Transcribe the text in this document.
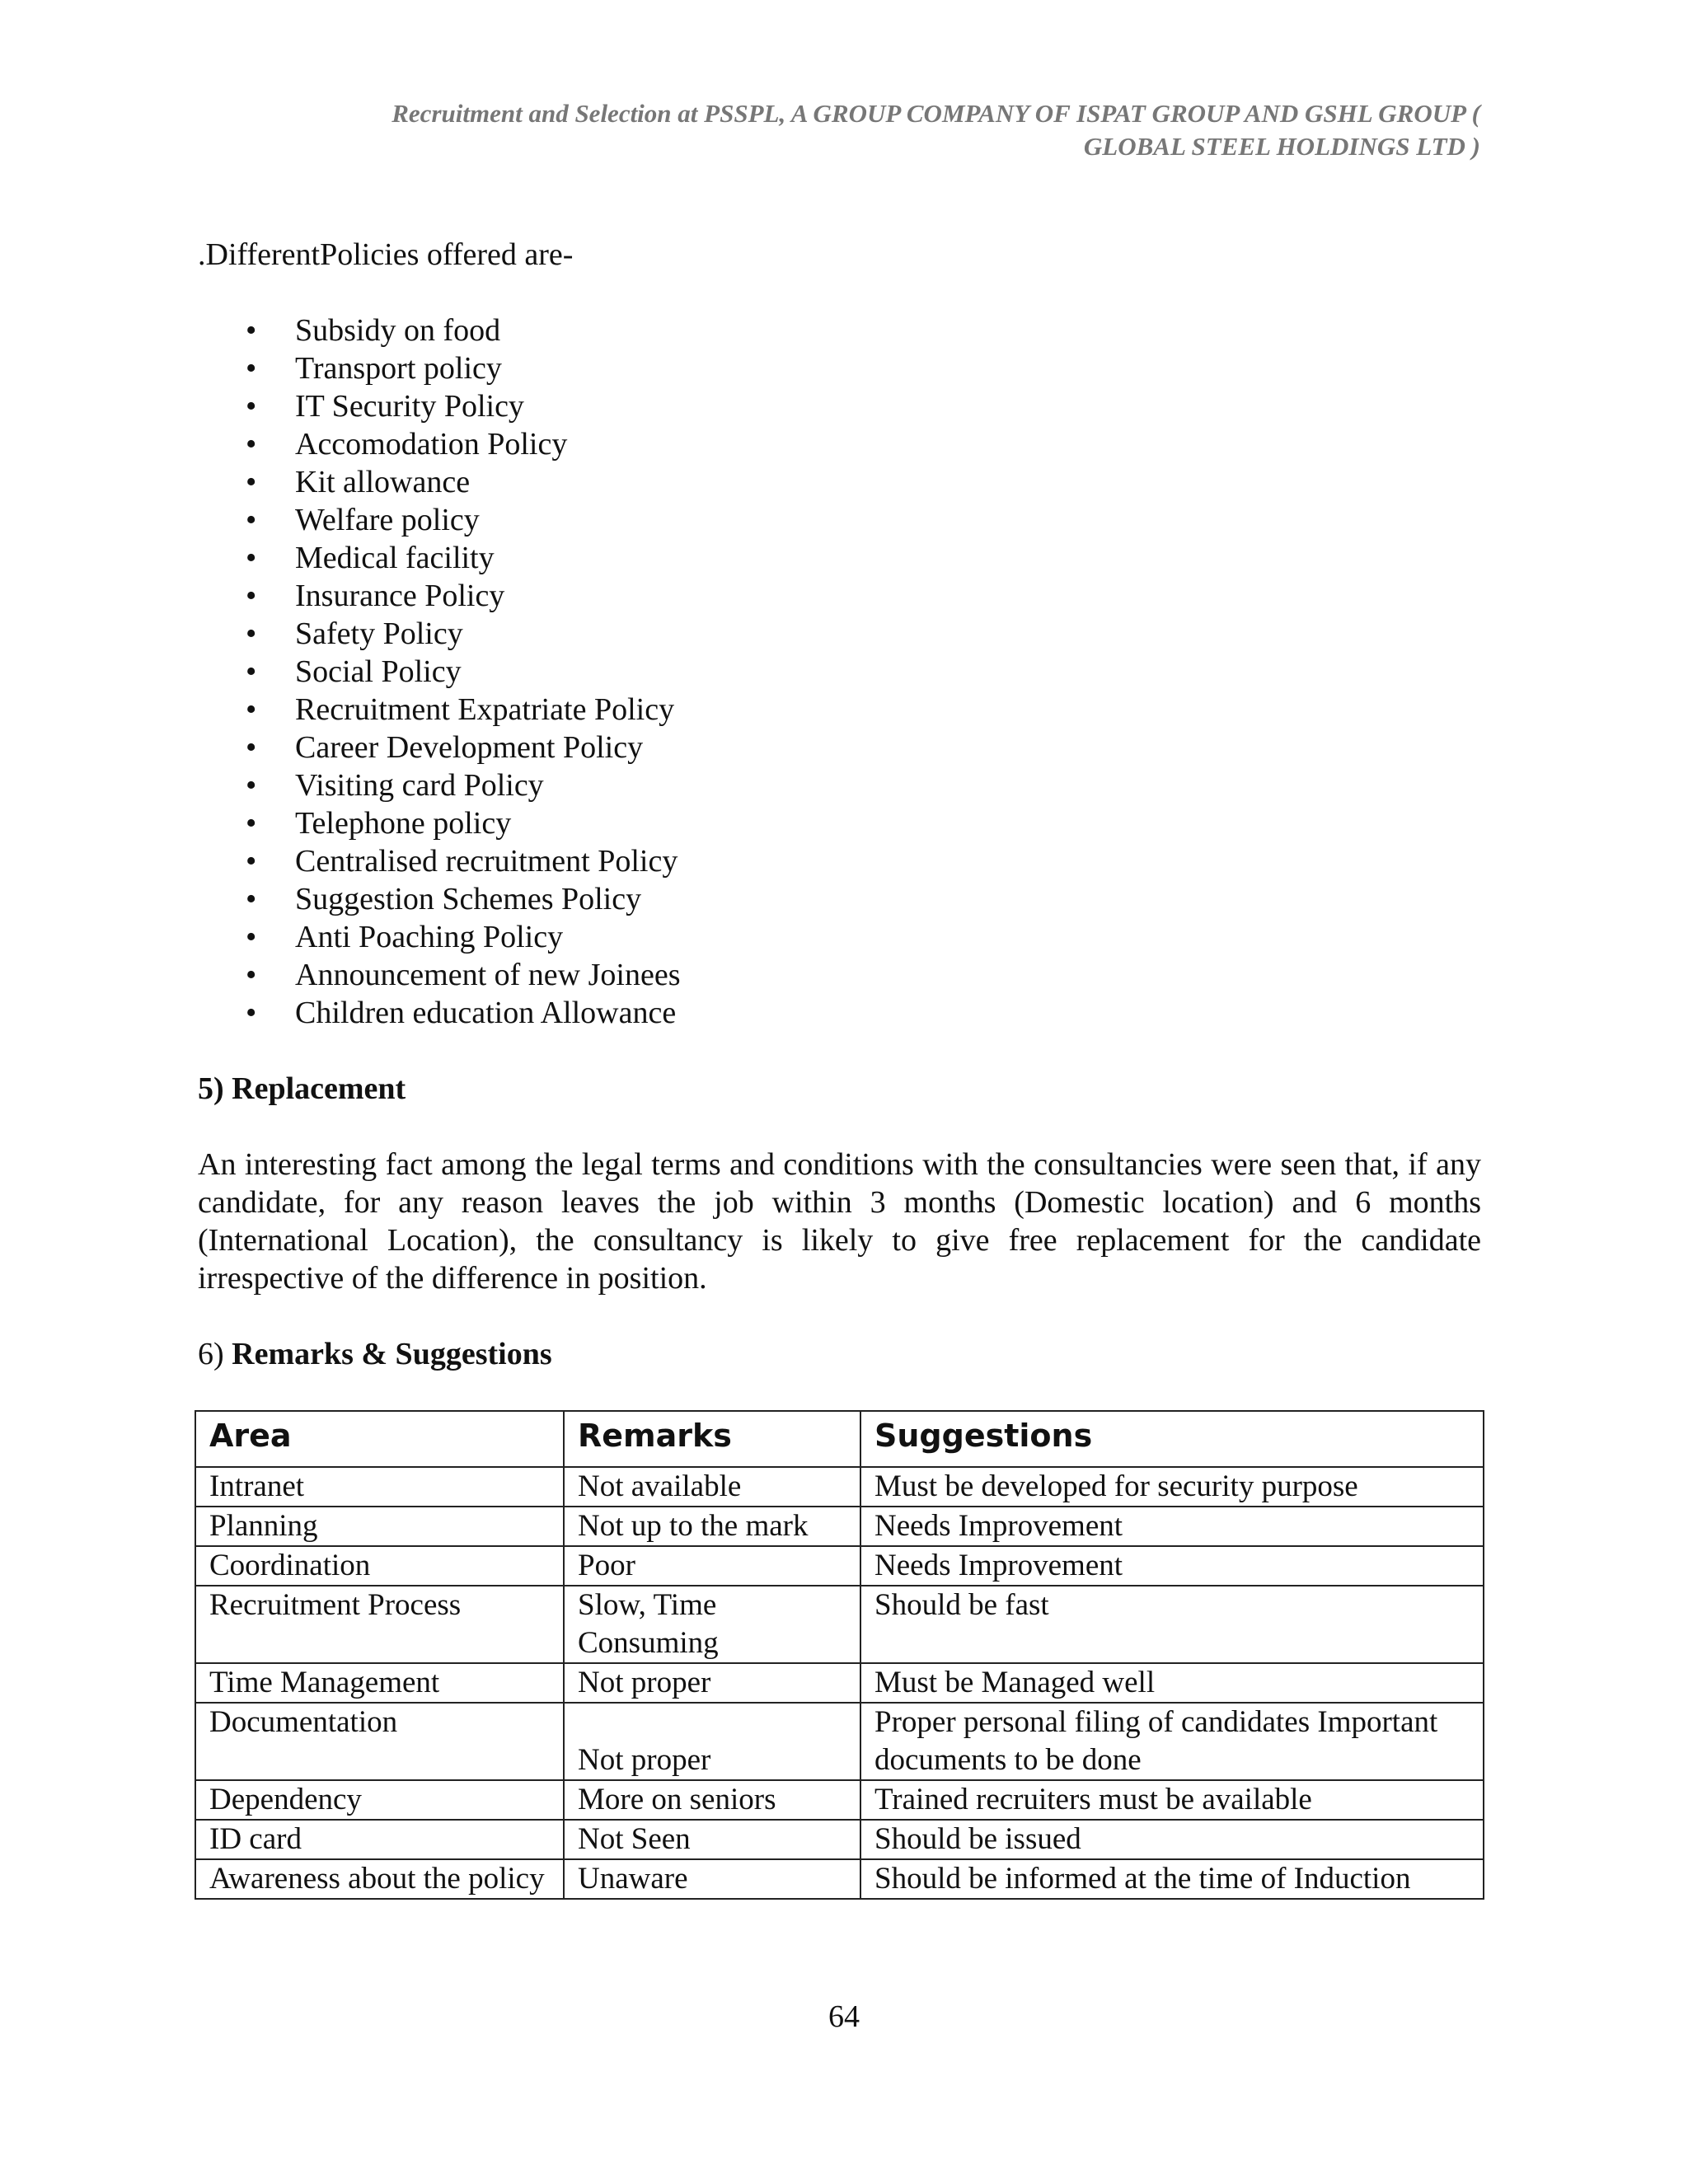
Recruitment and Selection at PSSPL, A GROUP COMPANY OF ISPAT GROUP AND GSHL GROUP (
GLOBAL STEEL HOLDINGS LTD )
.DifferentPolicies offered are-
• Subsidy on food
• Transport policy
• IT Security Policy
• Accomodation Policy
• Kit allowance
• Welfare policy
• Medical facility
• Insurance Policy
• Safety Policy
• Social Policy
• Recruitment Expatriate Policy
• Career Development Policy
• Visiting card Policy
• Telephone policy
• Centralised recruitment Policy
• Suggestion Schemes Policy
• Anti Poaching Policy
• Announcement of new Joinees
• Children education Allowance
5) Replacement

An interesting fact among the legal terms and conditions with the consultancies were seen that, if any candidate, for any reason leaves the job within 3 months (Domestic location) and 6 months (International Location), the consultancy is likely to give free replacement for the candidate irrespective of the difference in position.

6) Remarks & Suggestions
Area	Remarks	Suggestions
Intranet	Not available	Must be developed for security purpose
Planning	Not up to the mark	Needs Improvement
Coordination	Poor	Needs Improvement
Recruitment Process	Slow, Time Consuming	Should be fast
Time Management	Not proper	Must be Managed well
Documentation	Not proper	Proper personal filing of candidates Important documents to be done
Dependency	More on seniors	Trained recruiters must be available
ID card	Not Seen	Should be issued
Awareness about the policy	Unaware	Should be informed at the time of Induction
64
